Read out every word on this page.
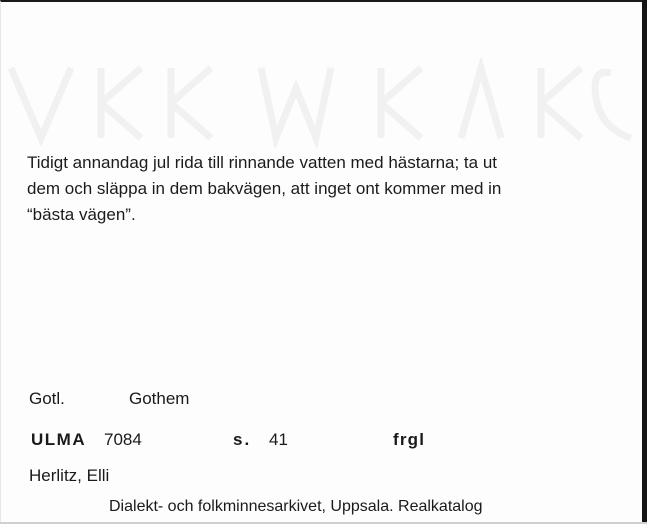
Tidigt annandag jul rida till rinnande vatten med hästarna; ta ut
dem och släppa in dem bakvägen, att inget ont kommer med in
“bästa vägen”.
Gotl.	Gothem
ULMA 7084	s. 41	frgl
Herlitz, Elli
Dialekt- och folkminnesarkivet, Uppsala. Realkatalog
